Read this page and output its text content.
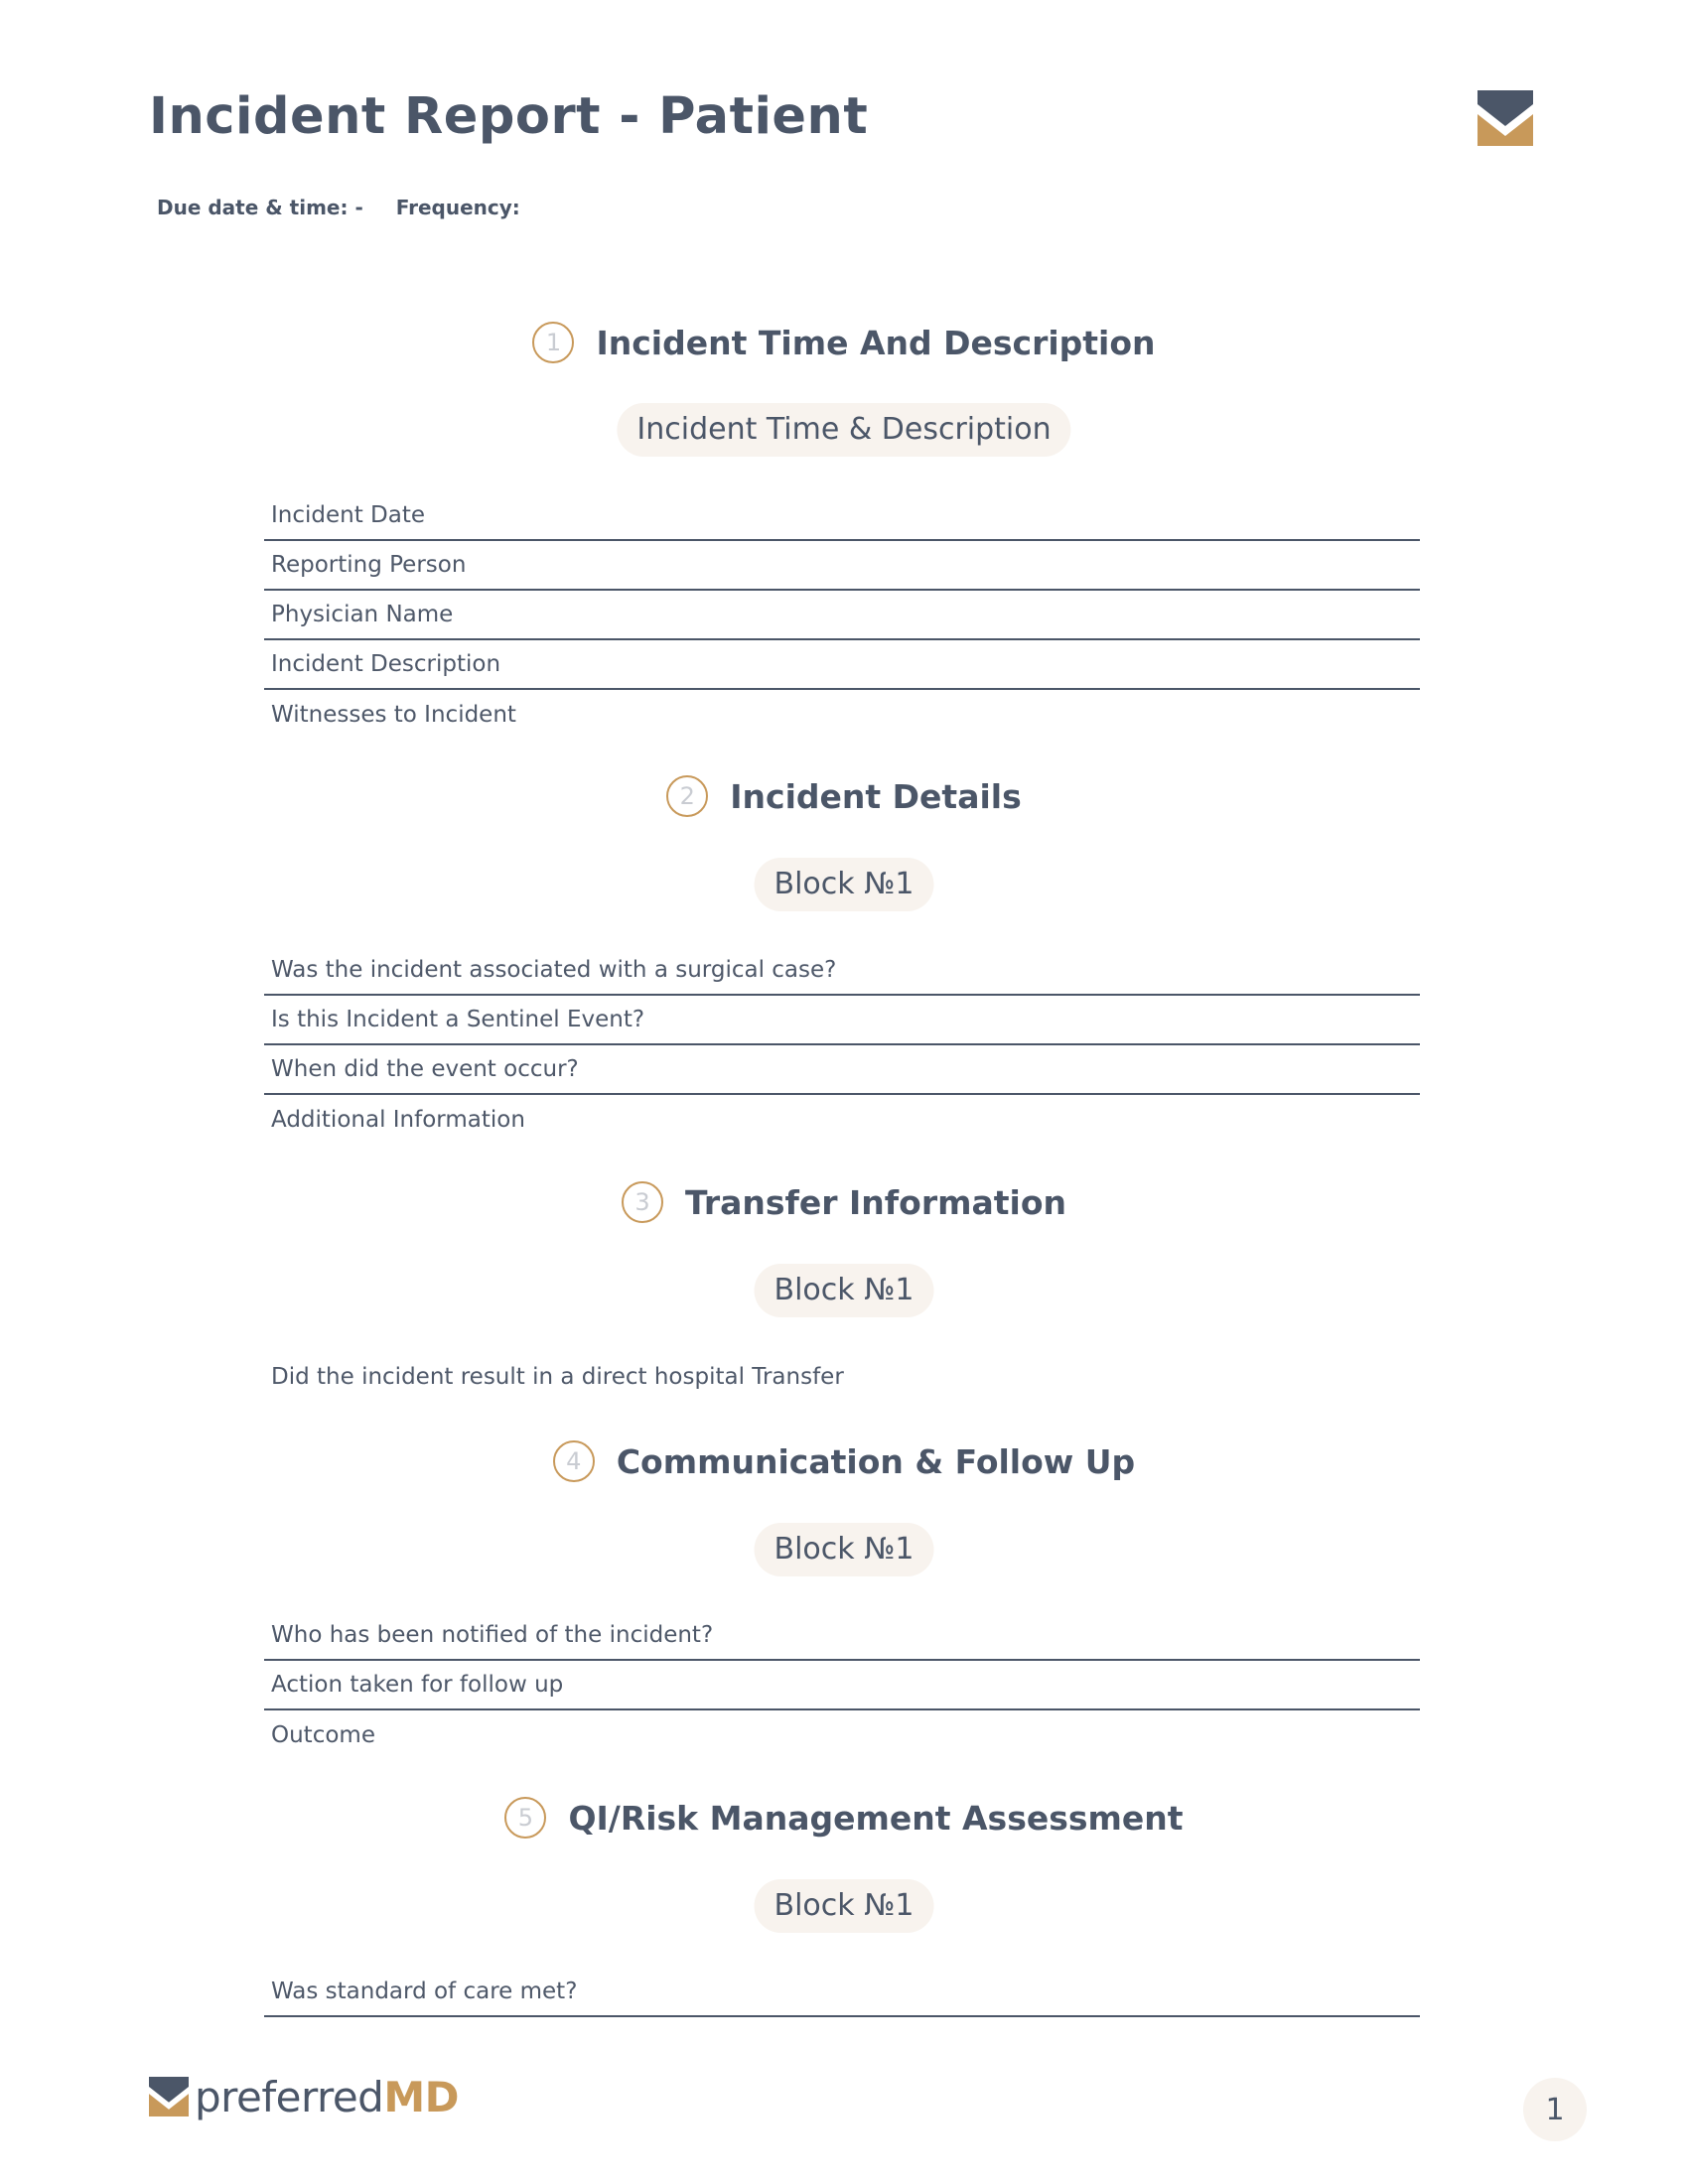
Incident Report - Patient
Due date & time: - Frequency:
1	Incident Time And Description
Incident Time & Description
Incident Date
Reporting Person
Physician Name
Incident Description
Witnesses to Incident
2	Incident Details
Block №1
Was the incident associated with a surgical case?
Is this Incident a Sentinel Event?
When did the event occur?
Additional Information
3	Transfer Information
Block №1
Did the incident result in a direct hospital Transfer
4	Communication & Follow Up
Block №1
Who has been notified of the incident?
Action taken for follow up
Outcome
5	QI/Risk Management Assessment
Block №1
Was standard of care met?
preferredMD	1
